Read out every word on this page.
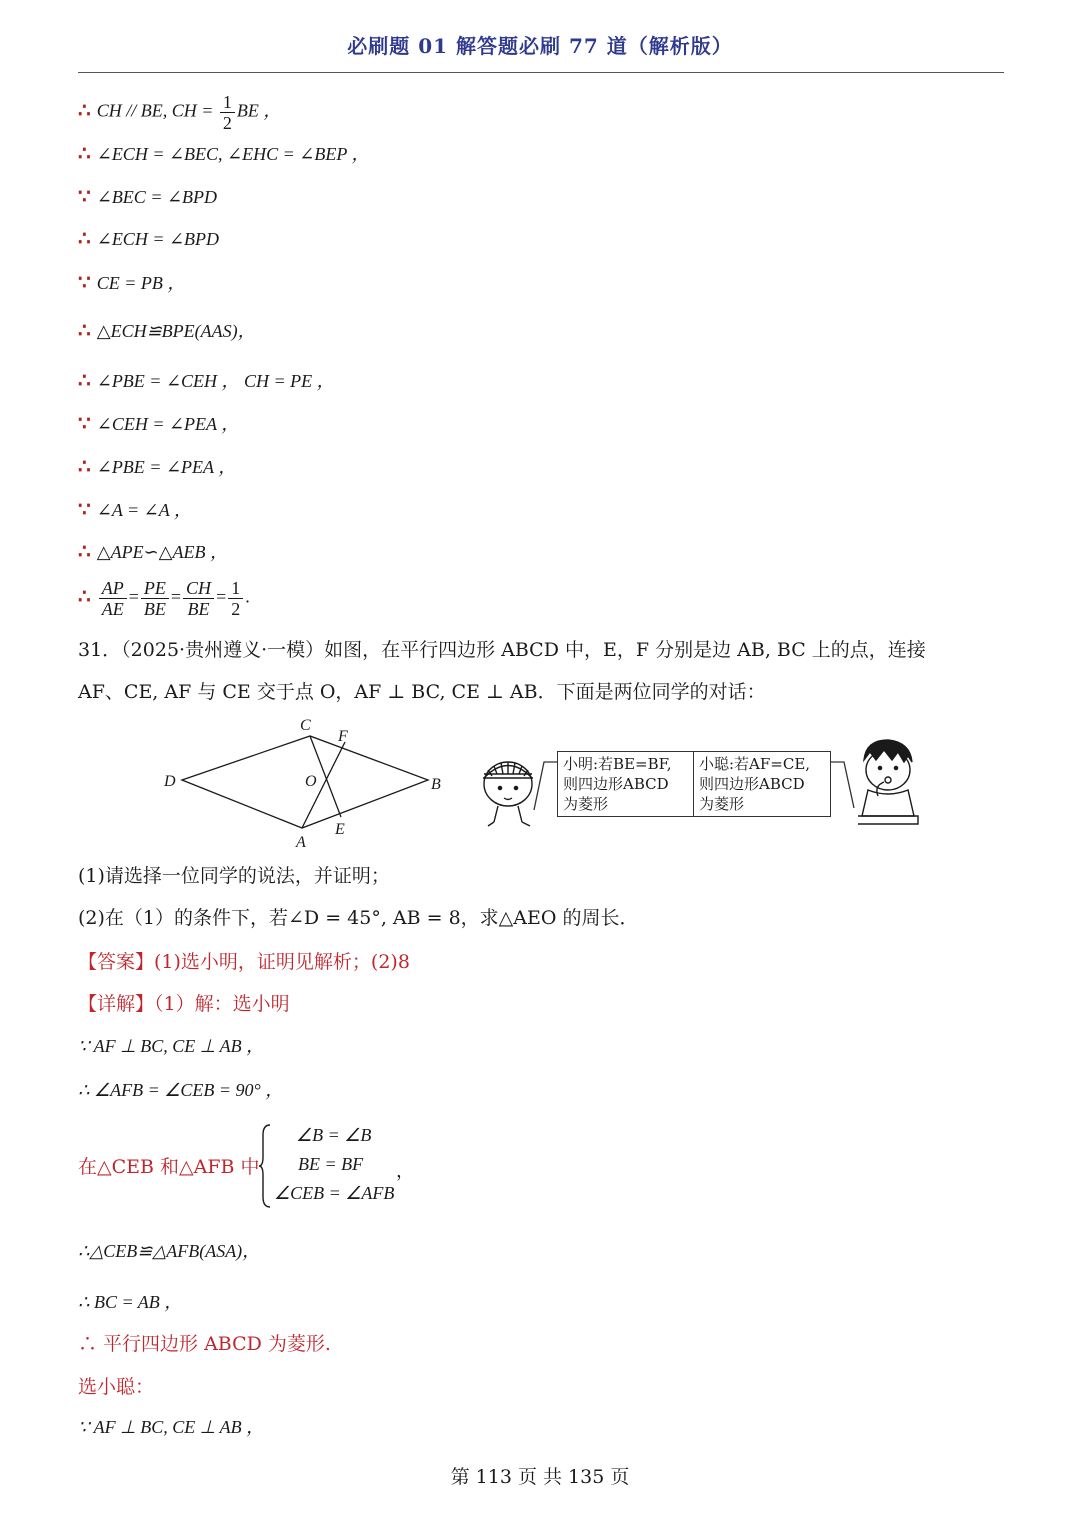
必刷题 01 解答题必刷 77 道（解析版）
∴ CH // BE, CH = $\frac{1}{2}$ BE ，
∴ ∠ECH = ∠BEC, ∠EHC = ∠BEP ，
∵ ∠BEC = ∠BPD
∴ ∠ECH = ∠BPD
∵ CE = PB ，
∴ △ECH≌BPE(AAS)，
∴ ∠PBE = ∠CEH ， CH = PE ，
∵ ∠CEH = ∠PEA ，
∴ ∠PBE = ∠PEA ，
∵ ∠A = ∠A ，
∴ △APE∽△AEB ，
∴ $\frac{AP}{AE} = \frac{PE}{BE} = \frac{CH}{BE} = \frac{1}{2}$ .
31．（2025·贵州遵义·一模）如图，在平行四边形 ABCD 中，E，F 分别是边 AB, BC 上的点，连接
AF、CE, AF 与 CE 交于点 O，AF ⊥ BC, CE ⊥ AB．下面是两位同学的对话：
D
C
F
O	B
E
A
小明:若BE=BF,
则四边形ABCD
为菱形
小聪:若AF=CE,
则四边形ABCD
为菱形
(1)请选择一位同学的说法，并证明；
(2)在（1）的条件下，若∠D = 45°, AB = 8，求△AEO 的周长．
【答案】(1)选小明，证明见解析；(2)8
【详解】（1）解：选小明
∵ AF ⊥ BC, CE ⊥ AB ，
∴ ∠AFB = ∠CEB = 90° ，
在△CEB 和△AFB 中
∠B = ∠B
BE = BF
∠CEB = ∠AFB
，
∴△CEB≌△AFB(ASA)，
∴ BC = AB ，
∴ 平行四边形 ABCD 为菱形.
选小聪：
∵ AF ⊥ BC, CE ⊥ AB ，
第 113 页 共 135 页
